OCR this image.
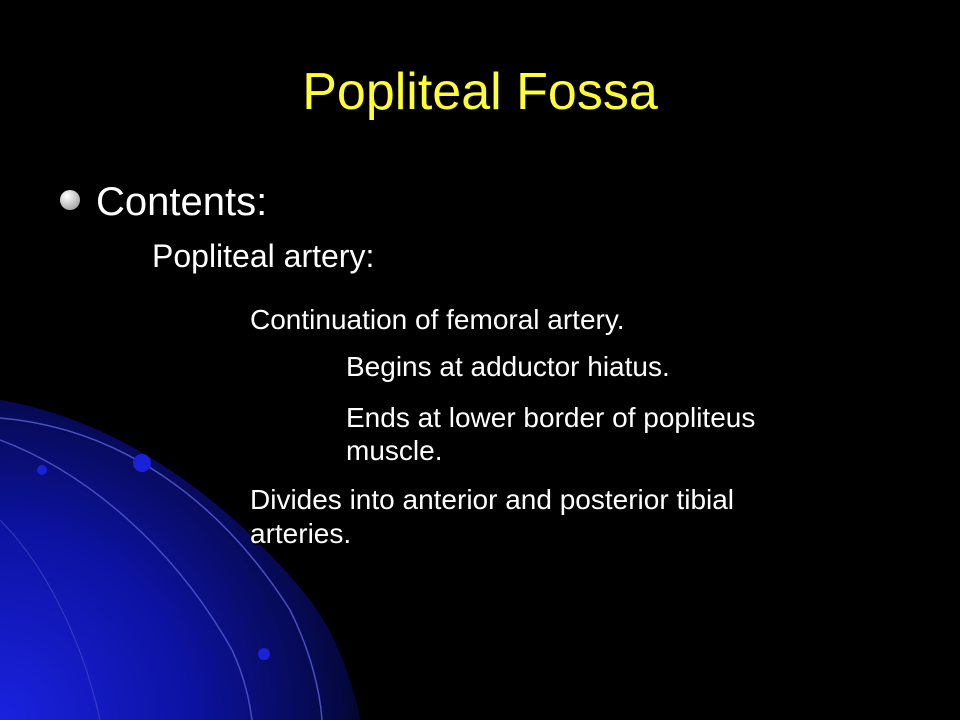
Popliteal Fossa

Contents:

Popliteal artery:

Continuation of femoral artery.

Begins at adductor hiatus.

Ends at lower border of popliteus

muscle.

Divides into anterior and posterior tibial

arteries.
